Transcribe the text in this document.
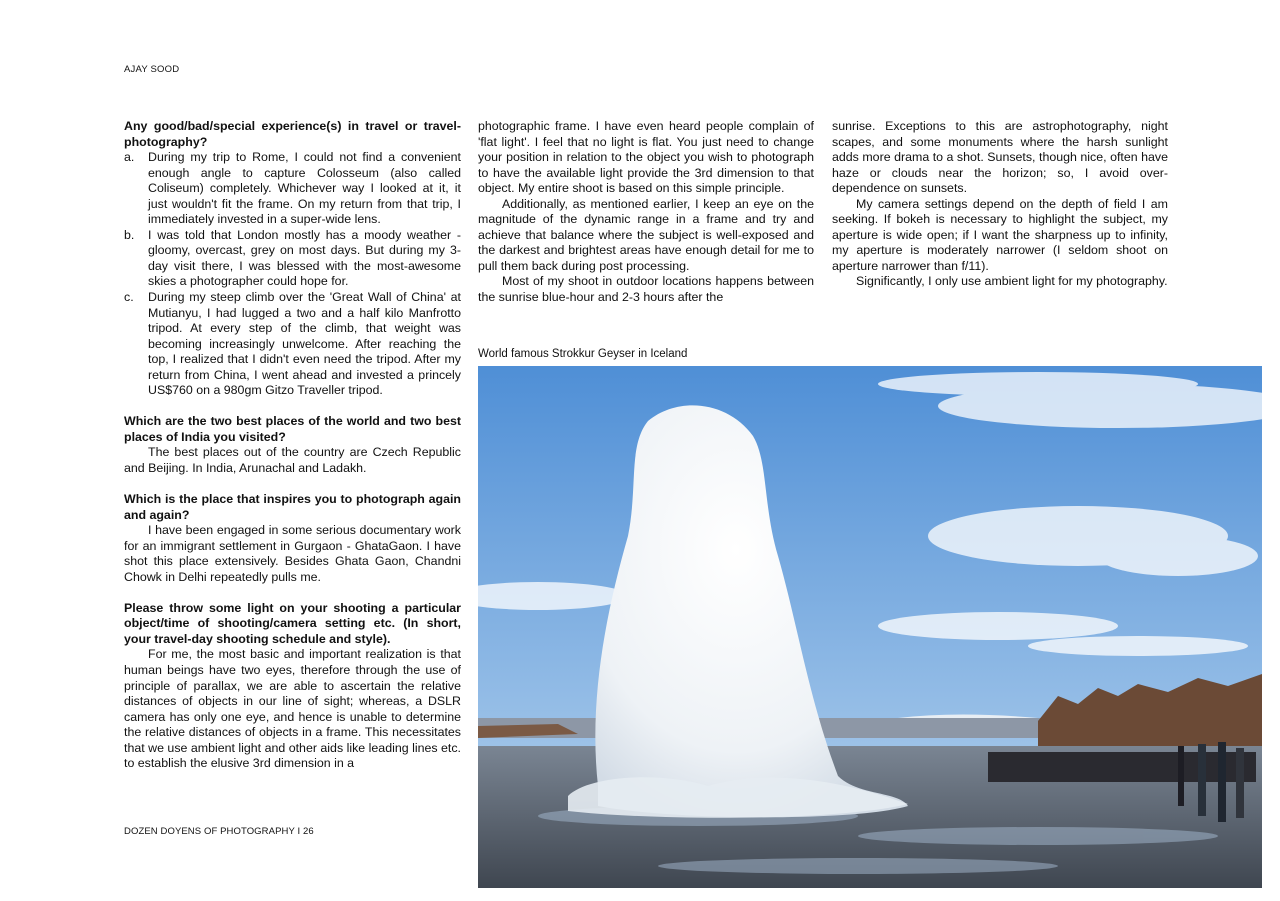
AJAY SOOD

Any good/bad/special experience(s) in travel or travel-photography?

a. During my trip to Rome, I could not find a convenient enough angle to capture Colosseum (also called Coliseum) completely. Whichever way I looked at it, it just wouldn't fit the frame. On my return from that trip, I immediately invested in a super-wide lens.

b. I was told that London mostly has a moody weather - gloomy, overcast, grey on most days. But during my 3-day visit there, I was blessed with the most-awesome skies a photographer could hope for.

c. During my steep climb over the 'Great Wall of China' at Mutianyu, I had lugged a two and a half kilo Manfrotto tripod. At every step of the climb, that weight was becoming increasingly unwelcome. After reaching the top, I realized that I didn't even need the tripod. After my return from China, I went ahead and invested a princely US$760 on a 980gm Gitzo Traveller tripod.

Which are the two best places of the world and two best places of India you visited?

The best places out of the country are Czech Republic and Beijing. In India, Arunachal and Ladakh.

Which is the place that inspires you to photograph again and again?

I have been engaged in some serious documentary work for an immigrant settlement in Gurgaon - GhataGaon. I have shot this place extensively. Besides Ghata Gaon, Chandni Chowk in Delhi repeatedly pulls me.

Please throw some light on your shooting a particular object/time of shooting/camera setting etc. (In short, your travel-day shooting schedule and style).

For me, the most basic and important realization is that human beings have two eyes, therefore through the use of principle of parallax, we are able to ascertain the relative distances of objects in our line of sight; whereas, a DSLR camera has only one eye, and hence is unable to determine the relative distances of objects in a frame. This necessitates that we use ambient light and other aids like leading lines etc. to establish the elusive 3rd dimension in a

photographic frame. I have even heard people complain of 'flat light'. I feel that no light is flat. You just need to change your position in relation to the object you wish to photograph to have the available light provide the 3rd dimension to that object. My entire shoot is based on this simple principle.

Additionally, as mentioned earlier, I keep an eye on the magnitude of the dynamic range in a frame and try and achieve that balance where the subject is well-exposed and the darkest and brightest areas have enough detail for me to pull them back during post processing.

Most of my shoot in outdoor locations happens between the sunrise blue-hour and 2-3 hours after the

sunrise. Exceptions to this are astrophotography, night scapes, and some monuments where the harsh sunlight adds more drama to a shot. Sunsets, though nice, often have haze or clouds near the horizon; so, I avoid over-dependence on sunsets.

My camera settings depend on the depth of field I am seeking. If bokeh is necessary to highlight the subject, my aperture is wide open; if I want the sharpness up to infinity, my aperture is moderately narrower (I seldom shoot on aperture narrower than f/11).

Significantly, I only use ambient light for my photography.

World famous Strokkur Geyser in Iceland
DOZEN DOYENS OF PHOTOGRAPHY I 26
